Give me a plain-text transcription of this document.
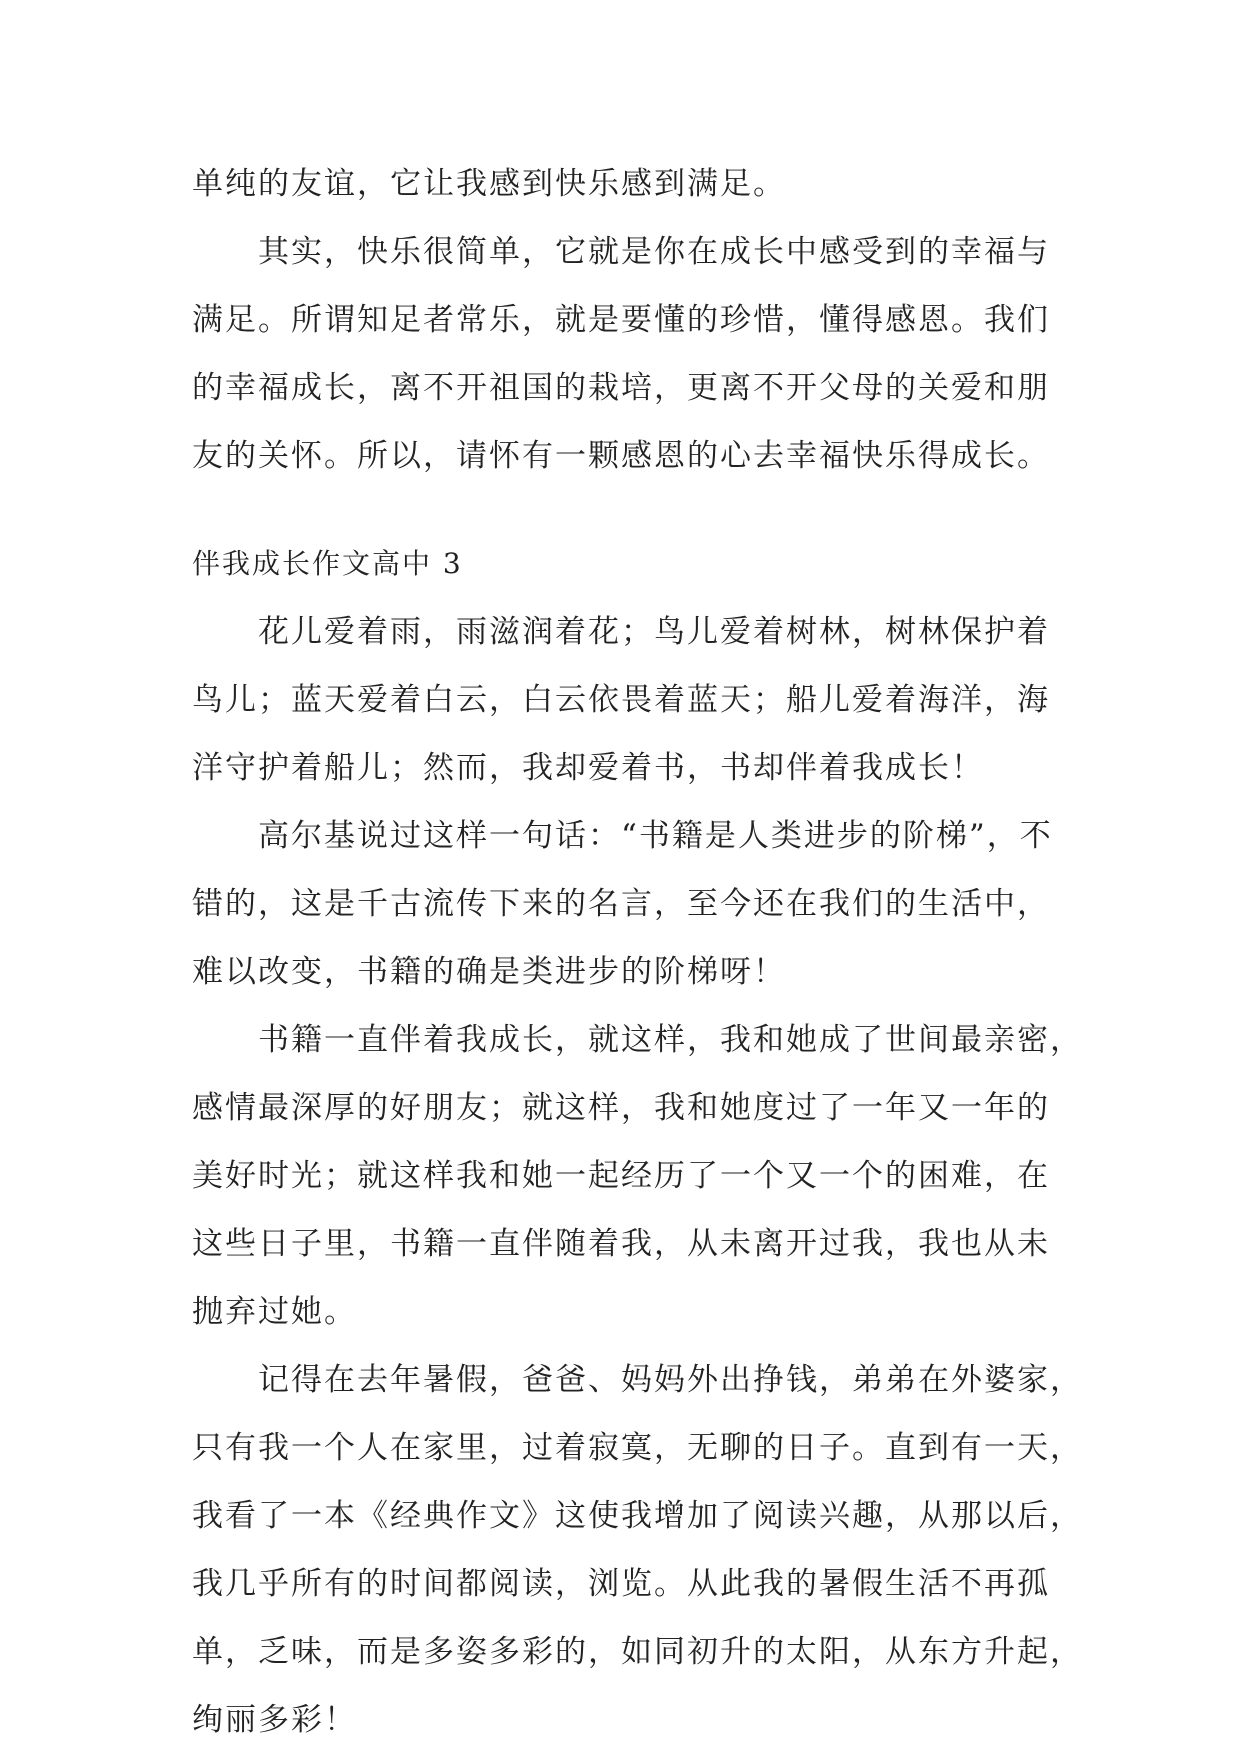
单纯的友谊，它让我感到快乐感到满足。
其实，快乐很简单，它就是你在成长中感受到的幸福与
满足。所谓知足者常乐，就是要懂的珍惜，懂得感恩。我们
的幸福成长，离不开祖国的栽培，更离不开父母的关爱和朋
友的关怀。所以，请怀有一颗感恩的心去幸福快乐得成长。
伴我成长作文高中 3
花儿爱着雨，雨滋润着花；鸟儿爱着树林，树林保护着
鸟儿；蓝天爱着白云，白云依畏着蓝天；船儿爱着海洋，海
洋守护着船儿；然而，我却爱着书，书却伴着我成长！
高尔基说过这样一句话：“书籍是人类进步的阶梯”，不
错的，这是千古流传下来的名言，至今还在我们的生活中，
难以改变，书籍的确是类进步的阶梯呀！
书籍一直伴着我成长，就这样，我和她成了世间最亲密，
感情最深厚的好朋友；就这样，我和她度过了一年又一年的
美好时光；就这样我和她一起经历了一个又一个的困难，在
这些日子里，书籍一直伴随着我，从未离开过我，我也从未
抛弃过她。
记得在去年暑假，爸爸、妈妈外出挣钱，弟弟在外婆家，
只有我一个人在家里，过着寂寞，无聊的日子。直到有一天，
我看了一本《经典作文》这使我增加了阅读兴趣，从那以后，
我几乎所有的时间都阅读，浏览。从此我的暑假生活不再孤
单，乏味，而是多姿多彩的，如同初升的太阳，从东方升起，
绚丽多彩！
